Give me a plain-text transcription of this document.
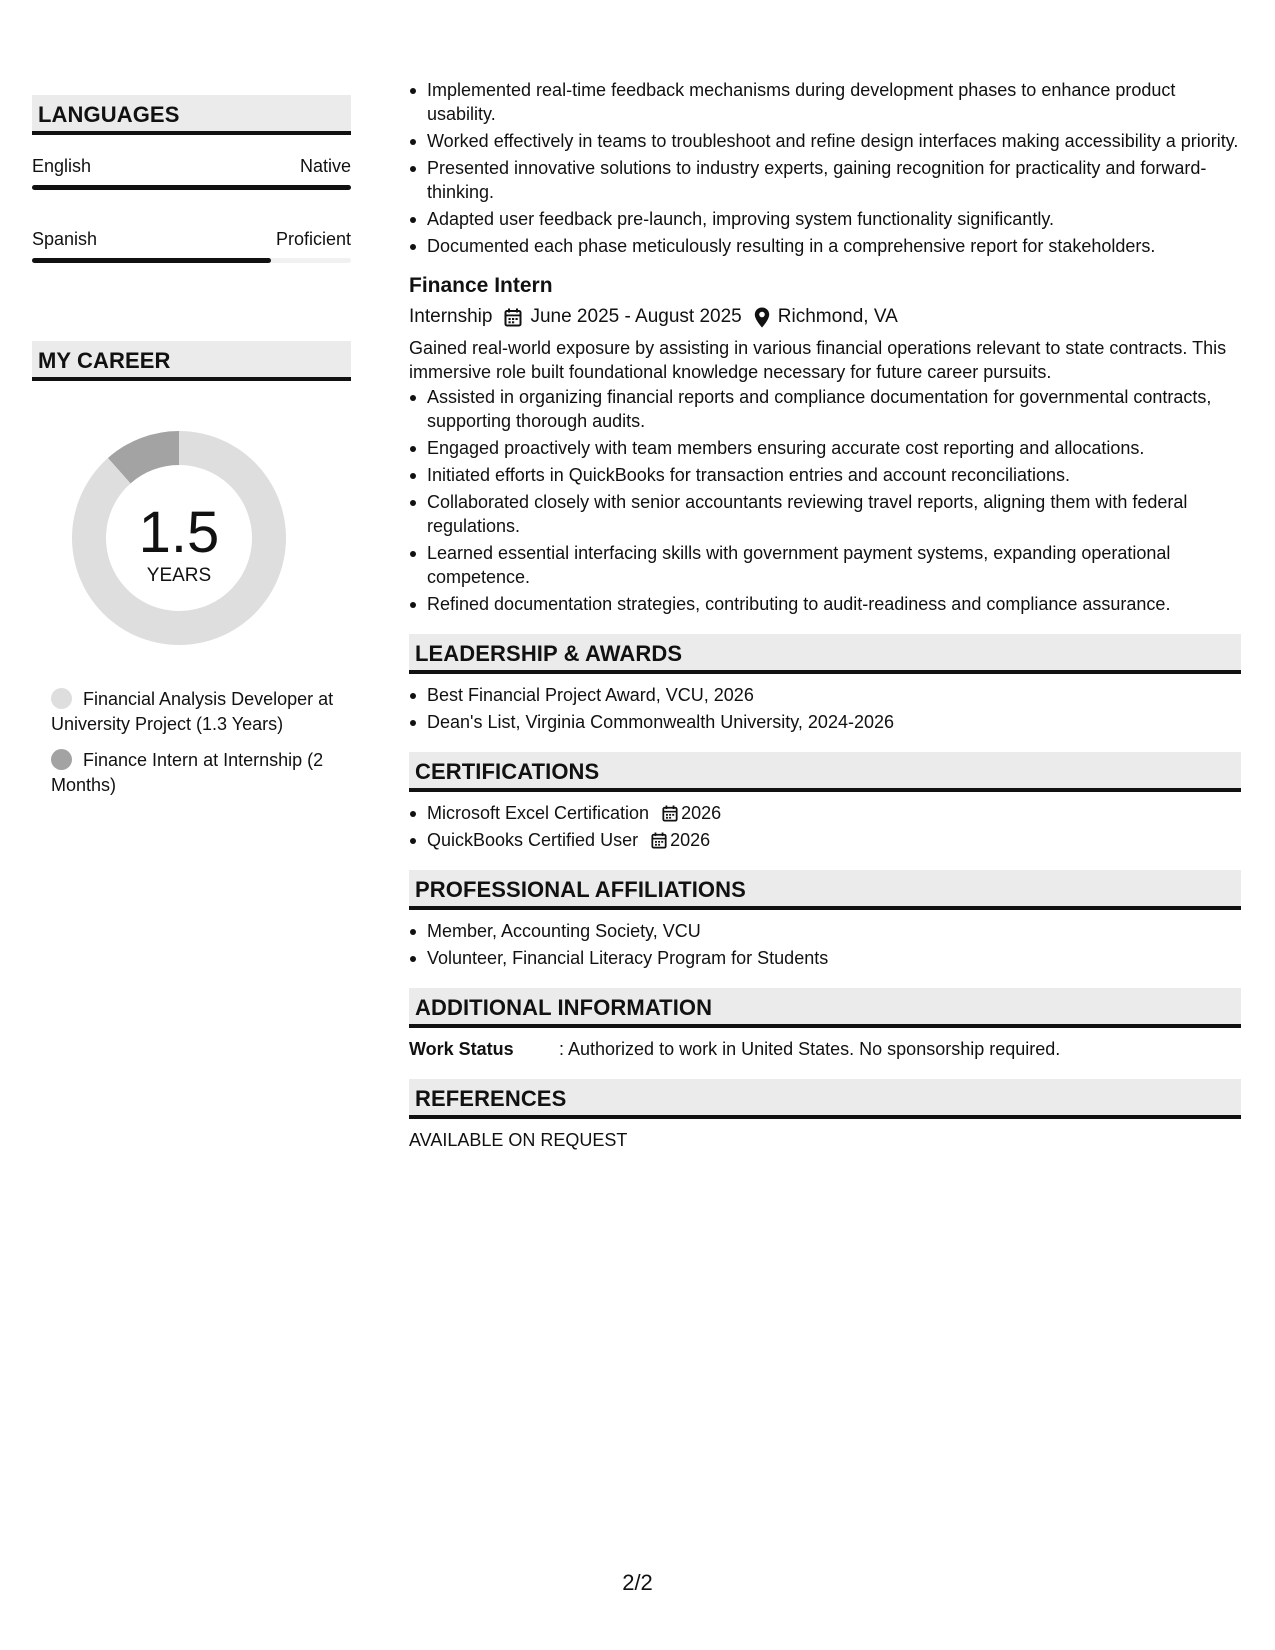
LANGUAGES
English	Native
Spanish	Proficient
MY CAREER
1.5
YEARS
Financial Analysis Developer at University Project (1.3 Years)
Finance Intern at Internship (2 Months)
Implemented real-time feedback mechanisms during development phases to enhance product usability.
Worked effectively in teams to troubleshoot and refine design interfaces making accessibility a priority.
Presented innovative solutions to industry experts, gaining recognition for practicality and forward-thinking.
Adapted user feedback pre-launch, improving system functionality significantly.
Documented each phase meticulously resulting in a comprehensive report for stakeholders.
Finance Intern
Internship June 2025 - August 2025 Richmond, VA
Gained real-world exposure by assisting in various financial operations relevant to state contracts. This immersive role built foundational knowledge necessary for future career pursuits.
Assisted in organizing financial reports and compliance documentation for governmental contracts, supporting thorough audits.
Engaged proactively with team members ensuring accurate cost reporting and allocations.
Initiated efforts in QuickBooks for transaction entries and account reconciliations.
Collaborated closely with senior accountants reviewing travel reports, aligning them with federal regulations.
Learned essential interfacing skills with government payment systems, expanding operational competence.
Refined documentation strategies, contributing to audit-readiness and compliance assurance.
LEADERSHIP & AWARDS
Best Financial Project Award, VCU, 2026
Dean's List, Virginia Commonwealth University, 2024-2026
CERTIFICATIONS
Microsoft Excel Certification 2026
QuickBooks Certified User 2026
PROFESSIONAL AFFILIATIONS
Member, Accounting Society, VCU
Volunteer, Financial Literacy Program for Students
ADDITIONAL INFORMATION
Work Status	: Authorized to work in United States. No sponsorship required.
REFERENCES
AVAILABLE ON REQUEST
2/2
